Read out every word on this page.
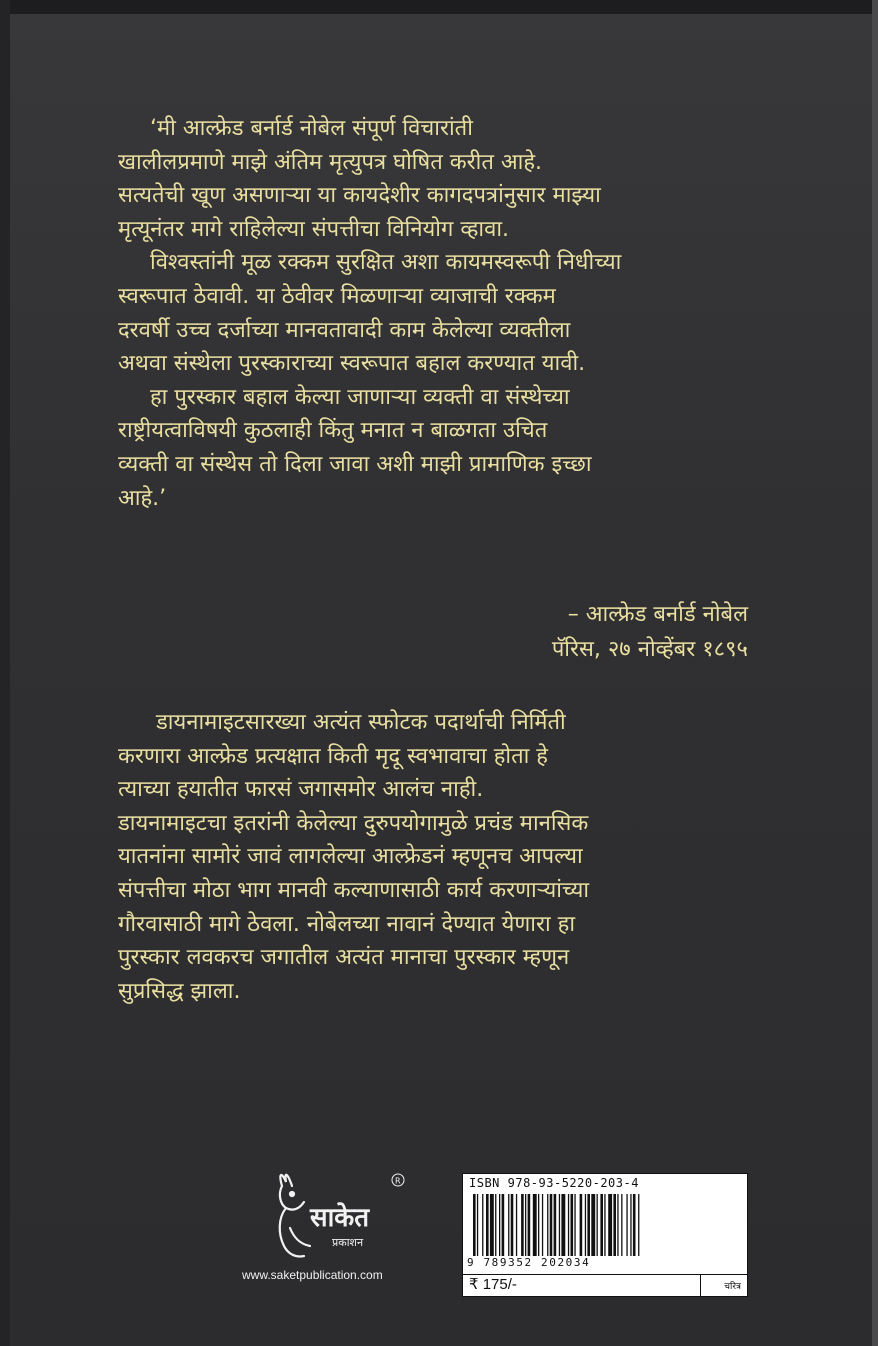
‘मी आल्फ्रेड बर्नार्ड नोबेल संपूर्ण विचारांती
खालीलप्रमाणे माझे अंतिम मृत्युपत्र घोषित करीत आहे.
सत्यतेची खूण असणाऱ्या या कायदेशीर कागदपत्रांनुसार माझ्या
मृत्यूनंतर मागे राहिलेल्या संपत्तीचा विनियोग व्हावा.

विश्वस्तांनी मूळ रक्कम सुरक्षित अशा कायमस्वरूपी निधीच्या
स्वरूपात ठेवावी. या ठेवीवर मिळणाऱ्या व्याजाची रक्कम
दरवर्षी उच्च दर्जाच्या मानवतावादी काम केलेल्या व्यक्तीला
अथवा संस्थेला पुरस्काराच्या स्वरूपात बहाल करण्यात यावी.

हा पुरस्कार बहाल केल्या जाणाऱ्या व्यक्ती वा संस्थेच्या
राष्ट्रीयत्वाविषयी कुठलाही किंतु मनात न बाळगता उचित
व्यक्ती वा संस्थेस तो दिला जावा अशी माझी प्रामाणिक इच्छा
आहे.’

– आल्फ्रेड बर्नार्ड नोबेल
पॅरिस, २७ नोव्हेंबर १८९५

डायनामाइटसारख्या अत्यंत स्फोटक पदार्थाची निर्मिती
करणारा आल्फ्रेड प्रत्यक्षात किती मृदू स्वभावाचा होता हे
त्याच्या हयातीत फारसं जगासमोर आलंच नाही.
डायनामाइटचा इतरांनी केलेल्या दुरुपयोगामुळे प्रचंड मानसिक
यातनांना सामोरं जावं लागलेल्या आल्फ्रेडनं म्हणूनच आपल्या
संपत्तीचा मोठा भाग मानवी कल्याणासाठी कार्य करणाऱ्यांच्या
गौरवासाठी मागे ठेवला. नोबेलच्या नावानं देण्यात येणारा हा
पुरस्कार लवकरच जगातील अत्यंत मानाचा पुरस्कार म्हणून
सुप्रसिद्ध झाला.

साकेत
प्रकाशन
R
www.saketpublication.com
ISBN 978-93-5220-203-4
9 789352 202034
₹ 175/-	चरित्र
